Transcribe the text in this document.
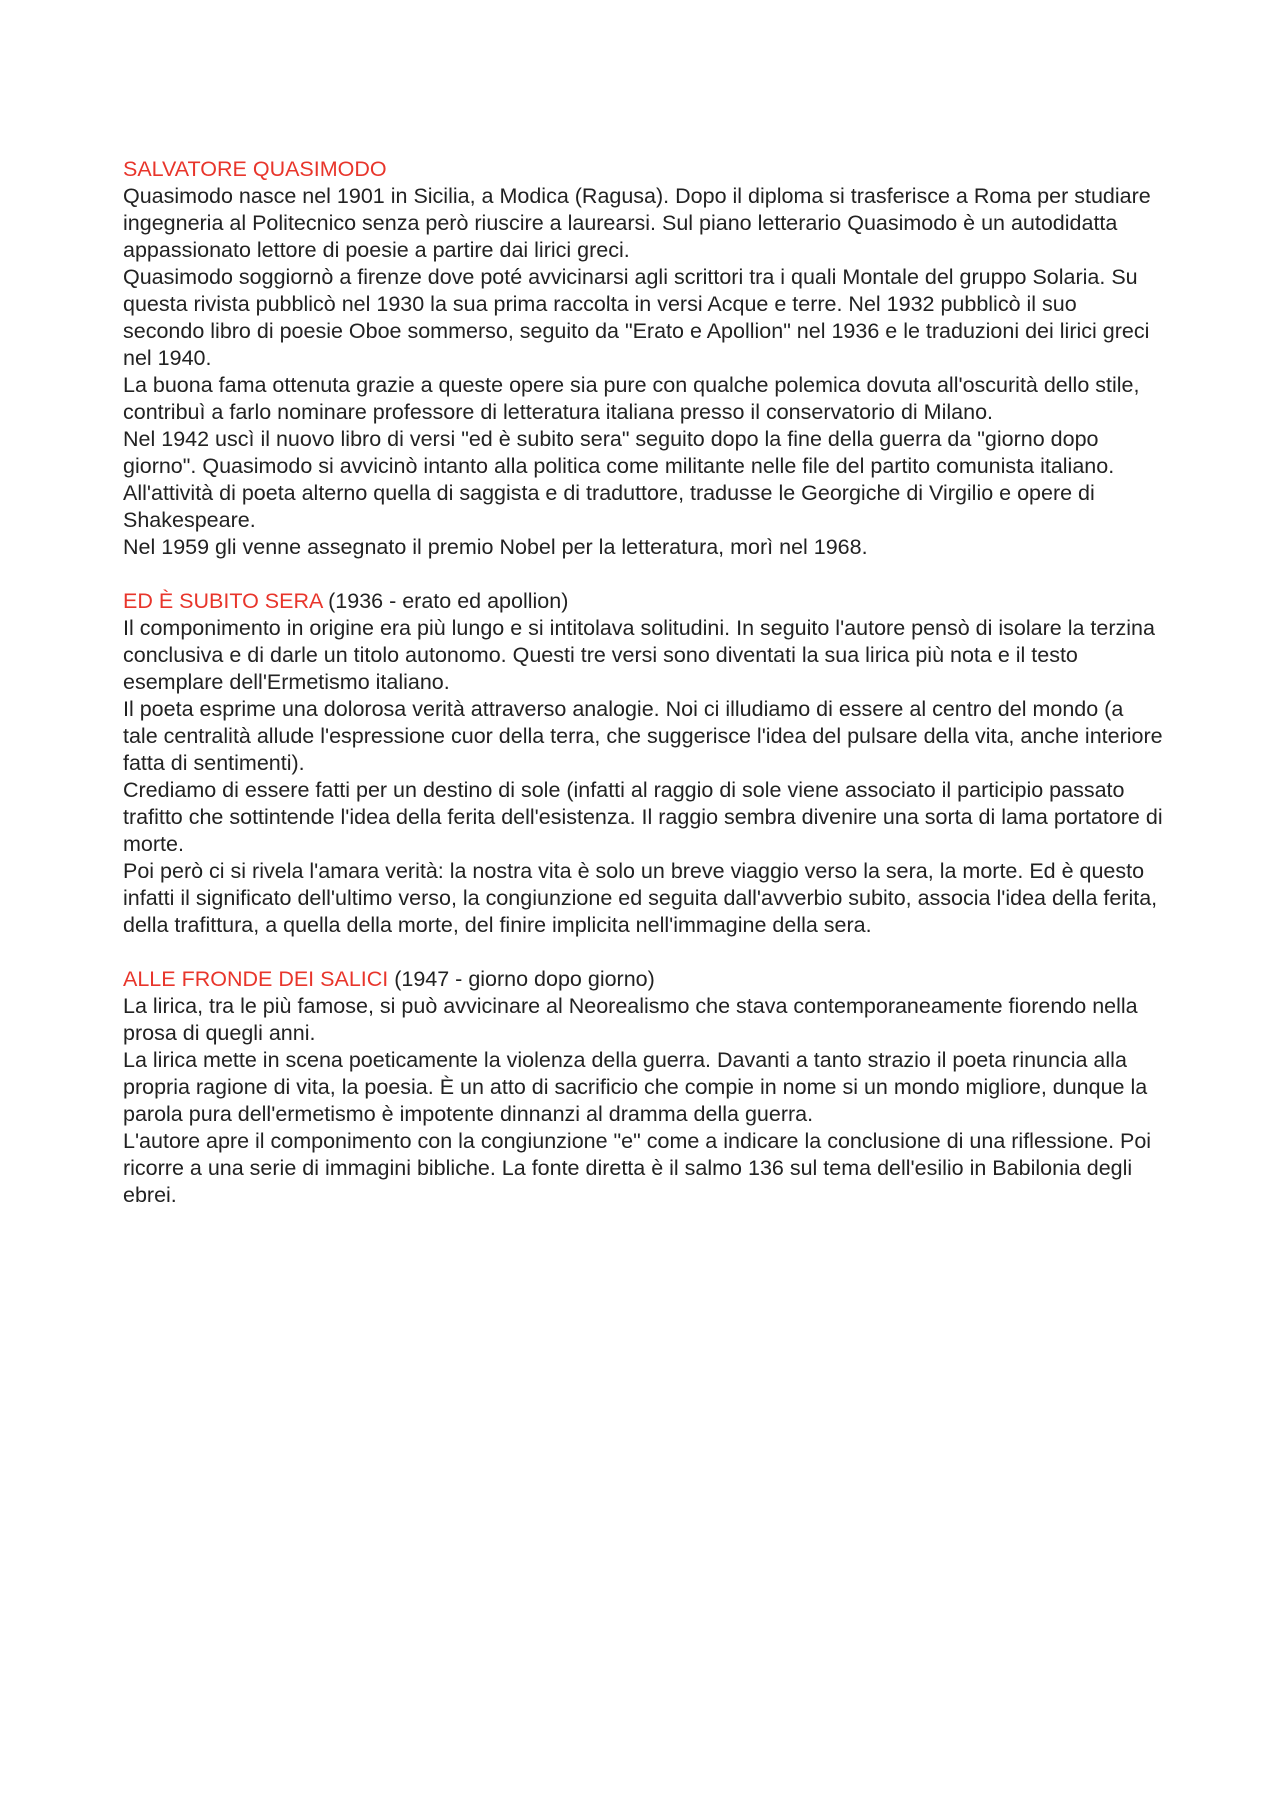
SALVATORE QUASIMODO

Quasimodo nasce nel 1901 in Sicilia, a Modica (Ragusa). Dopo il diploma si trasferisce a Roma per studiare ingegneria al Politecnico senza però riuscire a laurearsi. Sul piano letterario Quasimodo è un autodidatta appassionato lettore di poesie a partire dai lirici greci.

Quasimodo soggiornò a firenze dove poté avvicinarsi agli scrittori tra i quali Montale del gruppo Solaria. Su questa rivista pubblicò nel 1930 la sua prima raccolta in versi Acque e terre. Nel 1932 pubblicò il suo secondo libro di poesie Oboe sommerso, seguito da "Erato e Apollion" nel 1936 e le traduzioni dei lirici greci nel 1940.

La buona fama ottenuta grazie a queste opere sia pure con qualche polemica dovuta all'oscurità dello stile, contribuì a farlo nominare professore di letteratura italiana presso il conservatorio di Milano.

Nel 1942 uscì il nuovo libro di versi "ed è subito sera" seguito dopo la fine della guerra da "giorno dopo giorno". Quasimodo si avvicinò intanto alla politica come militante nelle file del partito comunista italiano.

All'attività di poeta alterno quella di saggista e di traduttore, tradusse le Georgiche di Virgilio e opere di Shakespeare.

Nel 1959 gli venne assegnato il premio Nobel per la letteratura, morì nel 1968.

ED È SUBITO SERA (1936 - erato ed apollion)

Il componimento in origine era più lungo e si intitolava solitudini. In seguito l'autore pensò di isolare la terzina conclusiva e di darle un titolo autonomo. Questi tre versi sono diventati la sua lirica più nota e il testo esemplare dell'Ermetismo italiano.

Il poeta esprime una dolorosa verità attraverso analogie. Noi ci illudiamo di essere al centro del mondo (a tale centralità allude l'espressione cuor della terra, che suggerisce l'idea del pulsare della vita, anche interiore fatta di sentimenti).

Crediamo di essere fatti per un destino di sole (infatti al raggio di sole viene associato il participio passato trafitto che sottintende l'idea della ferita dell'esistenza. Il raggio sembra divenire una sorta di lama portatore di morte.

Poi però ci si rivela l'amara verità: la nostra vita è solo un breve viaggio verso la sera, la morte. Ed è questo infatti il significato dell'ultimo verso, la congiunzione ed seguita dall'avverbio subito, associa l'idea della ferita, della trafittura, a quella della morte, del finire implicita nell'immagine della sera.

ALLE FRONDE DEI SALICI (1947 - giorno dopo giorno)

La lirica, tra le più famose, si può avvicinare al Neorealismo che stava contemporaneamente fiorendo nella prosa di quegli anni.

La lirica mette in scena poeticamente la violenza della guerra. Davanti a tanto strazio il poeta rinuncia alla propria ragione di vita, la poesia. È un atto di sacrificio che compie in nome si un mondo migliore, dunque la parola pura dell'ermetismo è impotente dinnanzi al dramma della guerra.

L'autore apre il componimento con la congiunzione "e" come a indicare la conclusione di una riflessione. Poi ricorre a una serie di immagini bibliche. La fonte diretta è il salmo 136 sul tema dell'esilio in Babilonia degli ebrei.
